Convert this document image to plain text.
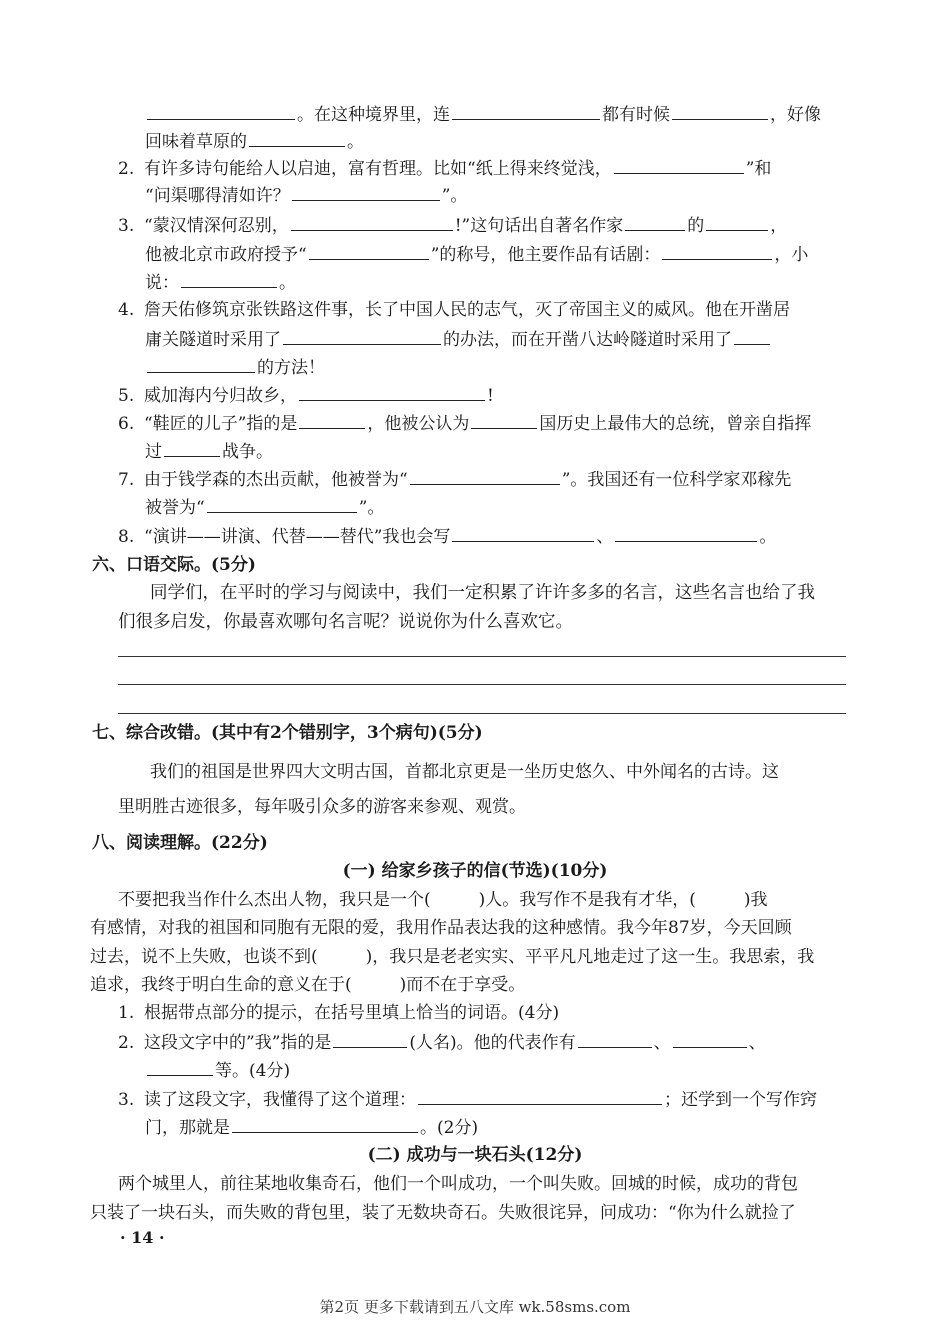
。在这种境界里，连	都有时候	，好像
回味着草原的	。
2. 有许多诗句能给人以启迪，富有哲理。比如“纸上得来终觉浅，	”和
“问渠哪得清如许？	”。
3. “蒙汉情深何忍别，	!”这句话出自著名作家	的	，
他被北京市政府授予“	”的称号，他主要作品有话剧：	，小
说：	。
4. 詹天佑修筑京张铁路这件事，长了中国人民的志气，灭了帝国主义的威风。他在开凿居
庸关隧道时采用了	的办法，而在开凿八达岭隧道时采用了
的方法！
5. 威加海内兮归故乡，	!
6. “鞋匠的儿子”指的是	，他被公认为	国历史上最伟大的总统，曾亲自指挥
过	战争。
7. 由于钱学森的杰出贡献，他被誉为“	”。我国还有一位科学家邓稼先
被誉为“	”。
8. “演讲——讲演、代替——替代”我也会写	、	。
六、口语交际。(5分)
同学们，在平时的学习与阅读中，我们一定积累了许许多多的名言，这些名言也给了我
们很多启发，你最喜欢哪句名言呢？说说你为什么喜欢它。
七、综合改错。(其中有2个错别字，3个病句)(5分)
我们的祖国是世界四大文明古国，首都北京更是一坐历史悠久、中外闻名的古诗。这
里明胜古迹很多，每年吸引众多的游客来参观、观赏。
八、阅读理解。(22分)
(一) 给家乡孩子的信(节选)(10分)
不要把我当作什么杰出人物，我只是一个(	)人。我写作不是我有才华，(	)我
有感情，对我的祖国和同胞有无限的爱，我用作品表达我的这种感情。我今年87岁，今天回顾
过去，说不上失败，也谈不到(	)，我只是老老实实、平平凡凡地走过了这一生。我思索，我
追求，我终于明白生命的意义在于(	)而不在于享受。
1. 根据带点部分的提示，在括号里填上恰当的词语。(4分)
2. 这段文字中的”我”指的是	(人名)。他的代表作有	、	、
等。(4分)
3. 读了这段文字，我懂得了这个道理：	；还学到一个写作窍
门，那就是	。(2分)
(二) 成功与一块石头(12分)
两个城里人，前往某地收集奇石，他们一个叫成功，一个叫失败。回城的时候，成功的背包
只装了一块石头，而失败的背包里，装了无数块奇石。失败很诧异，问成功：“你为什么就捡了
· 14 ·
第2页 更多下载请到五八文库 wk.58sms.com
